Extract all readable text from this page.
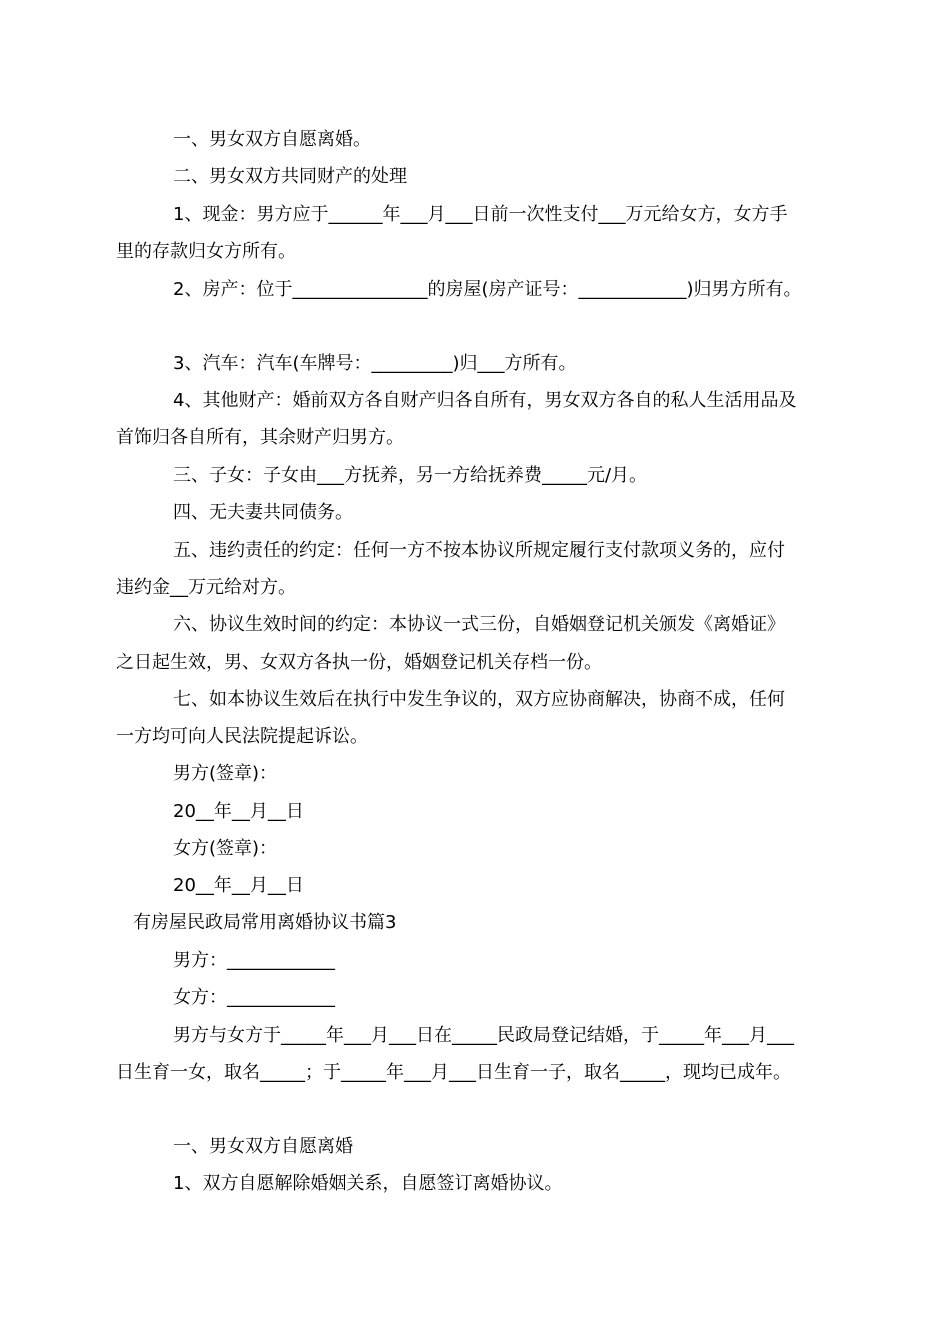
一、男女双方自愿离婚。

二、男女双方共同财产的处理

1、现金：男方应于______年___月___日前一次性支付___万元给女方，女方手

里的存款归女方所有。

2、房产：位于_______________的房屋(房产证号：____________)归男方所有。

3、汽车：汽车(车牌号：_________)归___方所有。

4、其他财产：婚前双方各自财产归各自所有，男女双方各自的私人生活用品及

首饰归各自所有，其余财产归男方。

三、子女：子女由___方抚养，另一方给抚养费_____元/月。

四、无夫妻共同债务。

五、违约责任的约定：任何一方不按本协议所规定履行支付款项义务的，应付

违约金__万元给对方。

六、协议生效时间的约定：本协议一式三份，自婚姻登记机关颁发《离婚证》

之日起生效，男、女双方各执一份，婚姻登记机关存档一份。

七、如本协议生效后在执行中发生争议的，双方应协商解决，协商不成，任何

一方均可向人民法院提起诉讼。

男方(签章)：

20__年__月__日

女方(签章)：

20__年__月__日

有房屋民政局常用离婚协议书篇3

男方：____________

女方：____________

男方与女方于_____年___月___日在_____民政局登记结婚，于_____年___月___

日生育一女，取名_____；于_____年___月___日生育一子，取名_____，现均已成年。

一、男女双方自愿离婚

1、双方自愿解除婚姻关系，自愿签订离婚协议。
